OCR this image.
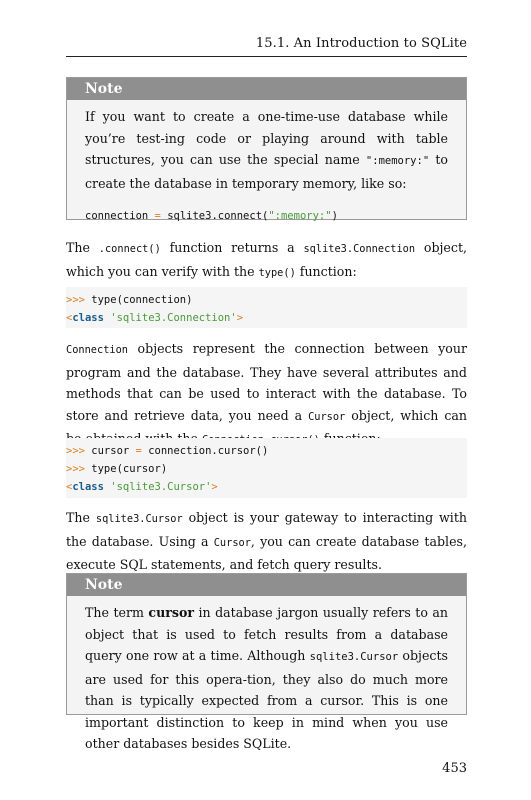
15.1. An Introduction to SQLite
Note
If you want to create a one-time-use database while you’re test-ing code or playing around with table structures, you can use the special name ":memory:" to create the database in temporary memory, like so:
connection = sqlite3.connect(":memory:")
The .connect() function returns a sqlite3.Connection object, which you can verify with the type() function:
>>> type(connection)
<class 'sqlite3.Connection'>
Connection objects represent the connection between your program and the database. They have several attributes and methods that can be used to interact with the database. To store and retrieve data, you need a Cursor object, which can
>>> cursor = connection.cursor()
>>> type(cursor)
<class 'sqlite3.Cursor'>
The sqlite3.Cursor object is your gateway to interacting with the database. Using a Cursor, you can create database tables, execute SQL statements, and fetch query results.
Note
The term cursor in database jargon usually refers to an object that is used to fetch results from a database query one row at a time. Although sqlite3.Cursor objects are used for this opera-tion, they also do much more than is typically expected from a cursor. This is one important distinction to keep in mind when you use other databases besides SQLite.
453
